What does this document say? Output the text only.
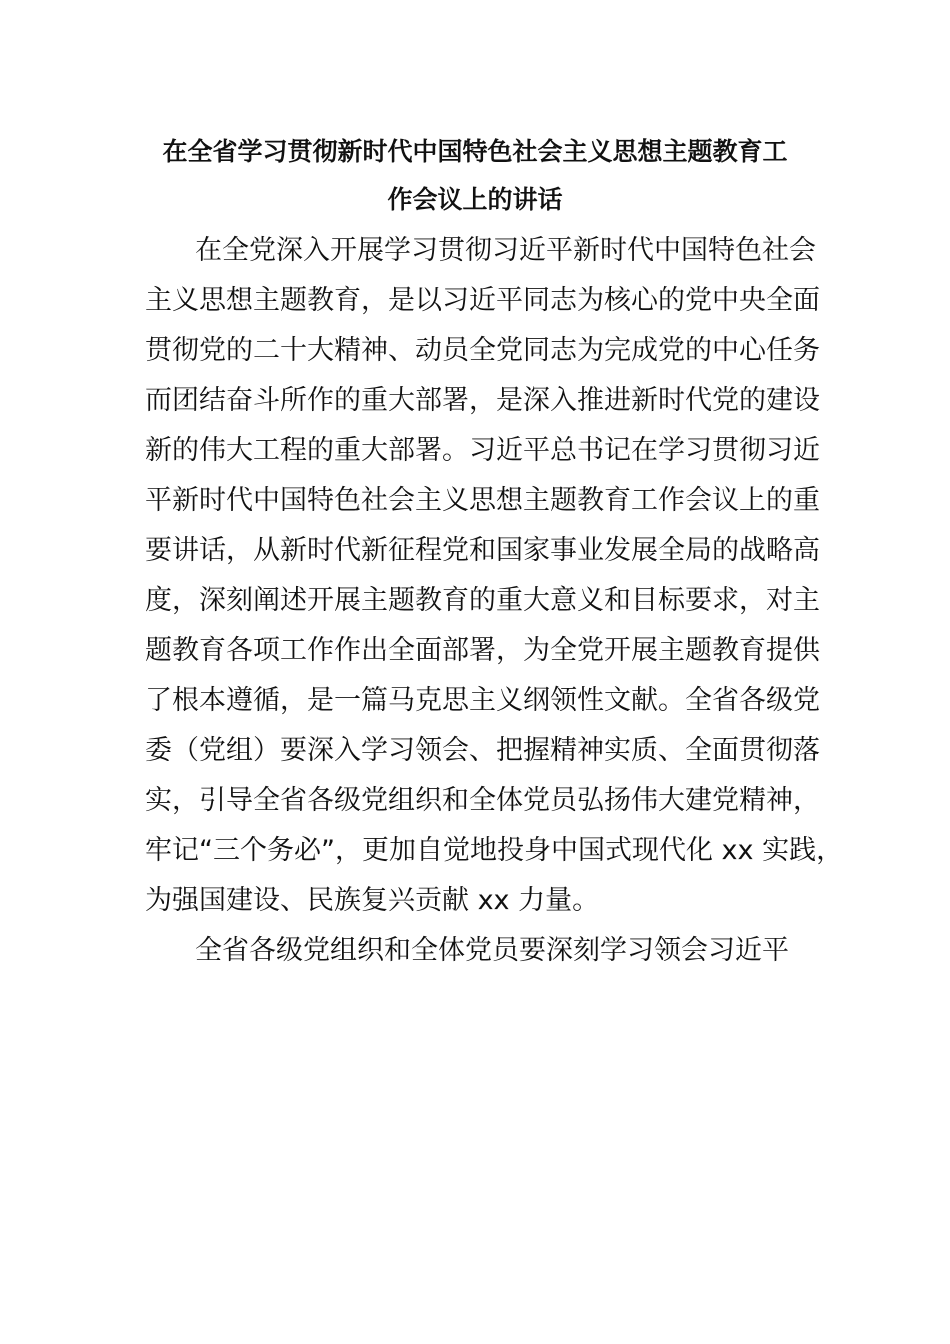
在全省学习贯彻新时代中国特色社会主义思想主题教育工
作会议上的讲话
在全党深入开展学习贯彻习近平新时代中国特色社会
主义思想主题教育，是以习近平同志为核心的党中央全面
贯彻党的二十大精神、动员全党同志为完成党的中心任务
而团结奋斗所作的重大部署，是深入推进新时代党的建设
新的伟大工程的重大部署。习近平总书记在学习贯彻习近
平新时代中国特色社会主义思想主题教育工作会议上的重
要讲话，从新时代新征程党和国家事业发展全局的战略高
度，深刻阐述开展主题教育的重大意义和目标要求，对主
题教育各项工作作出全面部署，为全党开展主题教育提供
了根本遵循，是一篇马克思主义纲领性文献。全省各级党
委（党组）要深入学习领会、把握精神实质、全面贯彻落
实，引导全省各级党组织和全体党员弘扬伟大建党精神，
牢记“三个务必”，更加自觉地投身中国式现代化 xx 实践，
为强国建设、民族复兴贡献 xx 力量。
全省各级党组织和全体党员要深刻学习领会习近平
